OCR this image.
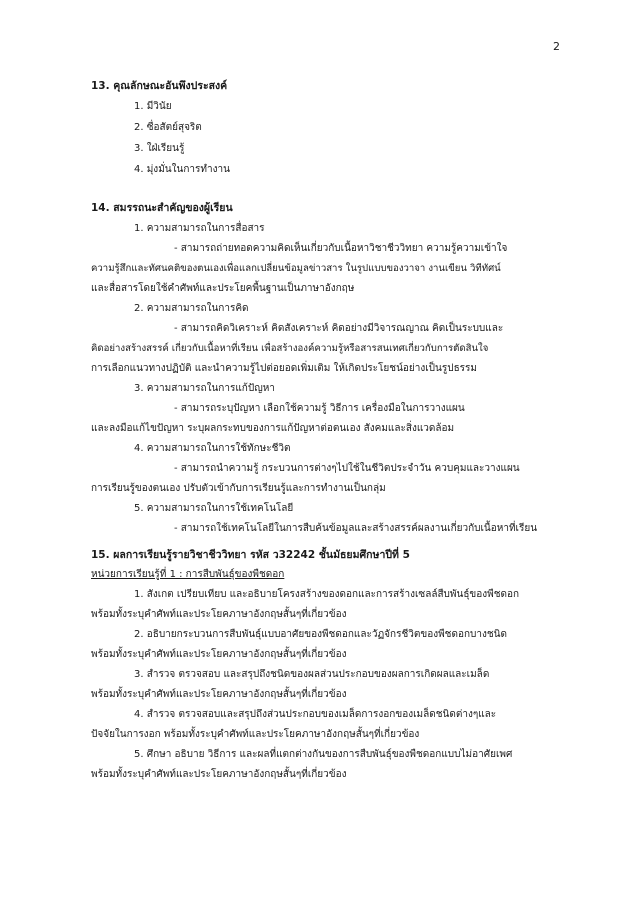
2
13. คุณลักษณะอันพึงประสงค์
1. มีวินัย
2. ซื่อสัตย์สุจริต
3. ใฝ่เรียนรู้
4. มุ่งมั่นในการทำงาน
14. สมรรถนะสำคัญของผู้เรียน
1. ความสามารถในการสื่อสาร
- สามารถถ่ายทอดความคิดเห็นเกี่ยวกับเนื้อหาวิชาชีววิทยา ความรู้ความเข้าใจ
ความรู้สึกและทัศนคติของตนเองเพื่อแลกเปลี่ยนข้อมูลข่าวสาร ในรูปแบบของวาจา งานเขียน วิทีทัศน์
และสื่อสารโดยใช้คำศัพท์และประโยคพื้นฐานเป็นภาษาอังกฤษ
2. ความสามารถในการคิด
- สามารถคิดวิเคราะห์ คิดสังเคราะห์ คิดอย่างมีวิจารณญาณ คิดเป็นระบบและ
คิดอย่างสร้างสรรค์ เกี่ยวกับเนื้อหาที่เรียน เพื่อสร้างองค์ความรู้หรือสารสนเทศเกี่ยวกับการตัดสินใจ
การเลือกแนวทางปฏิบัติ และนำความรู้ไปต่อยอดเพิ่มเติม ให้เกิดประโยชน์อย่างเป็นรูปธรรม
3. ความสามารถในการแก้ปัญหา
- สามารถระบุปัญหา เลือกใช้ความรู้ วิธีการ เครื่องมือในการวางแผน
และลงมือแก้ไขปัญหา ระบุผลกระทบของการแก้ปัญหาต่อตนเอง สังคมและสิ่งแวดล้อม
4. ความสามารถในการใช้ทักษะชีวิต
- สามารถนำความรู้ กระบวนการต่างๆไปใช้ในชีวิตประจำวัน ควบคุมและวางแผน
การเรียนรู้ของตนเอง ปรับตัวเข้ากับการเรียนรู้และการทำงานเป็นกลุ่ม
5. ความสามารถในการใช้เทคโนโลยี
- สามารถใช้เทคโนโลยีในการสืบค้นข้อมูลและสร้างสรรค์ผลงานเกี่ยวกับเนื้อหาที่เรียน
15. ผลการเรียนรู้รายวิชาชีววิทยา รหัส ว32242 ชั้นมัธยมศึกษาปีที่ 5
หน่วยการเรียนรู้ที่ 1 : การสืบพันธุ์ของพืชดอก
1. สังเกต เปรียบเทียบ และอธิบายโครงสร้างของดอกและการสร้างเซลล์สืบพันธุ์ของพืชดอก
พร้อมทั้งระบุคำศัพท์และประโยคภาษาอังกฤษสั้นๆที่เกี่ยวข้อง
2. อธิบายกระบวนการสืบพันธุ์แบบอาศัยของพืชดอกและวัฏจักรชีวิตของพืชดอกบางชนิด
พร้อมทั้งระบุคำศัพท์และประโยคภาษาอังกฤษสั้นๆที่เกี่ยวข้อง
3. สำรวจ ตรวจสอบ และสรุปถึงชนิดของผลส่วนประกอบของผลการเกิดผลและเมล็ด
พร้อมทั้งระบุคำศัพท์และประโยคภาษาอังกฤษสั้นๆที่เกี่ยวข้อง
4. สำรวจ ตรวจสอบและสรุปถึงส่วนประกอบของเมล็ดการงอกของเมล็ดชนิดต่างๆและ
ปัจจัยในการงอก พร้อมทั้งระบุคำศัพท์และประโยคภาษาอังกฤษสั้นๆที่เกี่ยวข้อง
5. ศึกษา อธิบาย วิธีการ และผลที่แตกต่างกันของการสืบพันธุ์ของพืชดอกแบบไม่อาศัยเพศ
พร้อมทั้งระบุคำศัพท์และประโยคภาษาอังกฤษสั้นๆที่เกี่ยวข้อง
